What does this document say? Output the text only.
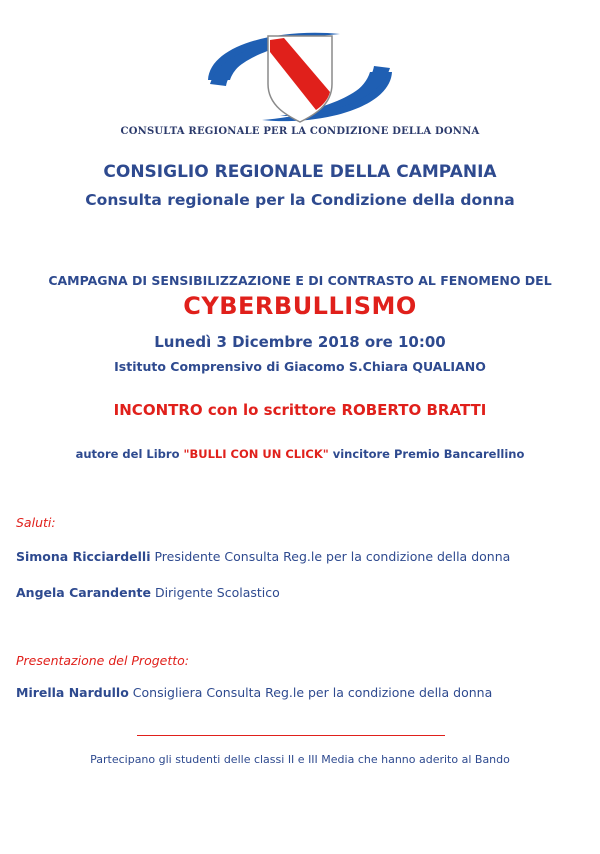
CONSULTA REGIONALE PER LA CONDIZIONE DELLA DONNA
CONSIGLIO REGIONALE DELLA CAMPANIA
Consulta regionale per la Condizione della donna
CAMPAGNA DI SENSIBILIZZAZIONE E DI CONTRASTO AL FENOMENO DEL
CYBERBULLISMO
Lunedì 3 Dicembre 2018 ore 10:00
Istituto Comprensivo di Giacomo S.Chiara QUALIANO
INCONTRO con lo scrittore ROBERTO BRATTI
autore del Libro "BULLI CON UN CLICK" vincitore Premio Bancarellino
Saluti:
Simona Ricciardelli Presidente Consulta Reg.le per la condizione della donna
Angela Carandente Dirigente Scolastico
Presentazione del Progetto:
Mirella Nardullo Consigliera Consulta Reg.le per la condizione della donna
Partecipano gli studenti delle classi II e III Media che hanno aderito al Bando
